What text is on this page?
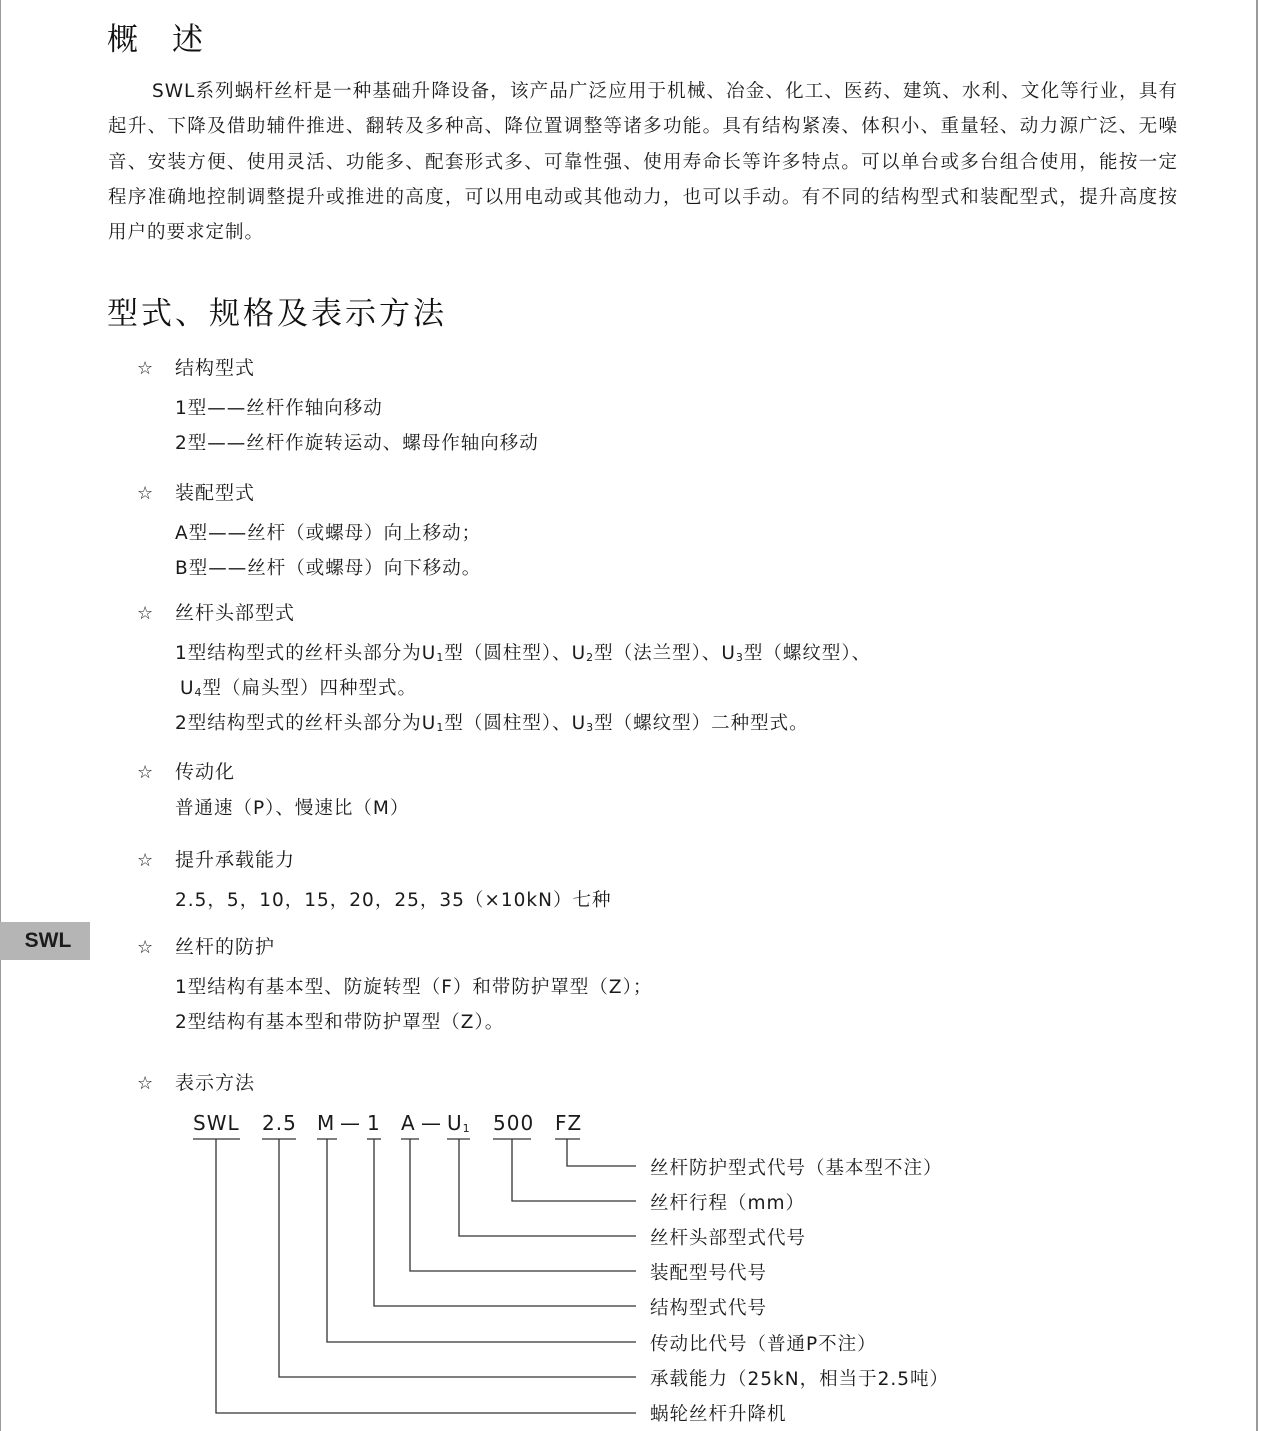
SWL
概 述

SWL系列蜗杆丝杆是一种基础升降设备，该产品广泛应用于机械、冶金、化工、医药、建筑、水利、文化等行业，具有起升、下降及借助辅件推进、翻转及多种高、降位置调整等诸多功能。具有结构紧凑、体积小、重量轻、动力源广泛、无噪音、安装方便、使用灵活、功能多、配套形式多、可靠性强、使用寿命长等许多特点。可以单台或多台组合使用，能按一定程序准确地控制调整提升或推进的高度，可以用电动或其他动力，也可以手动。有不同的结构型式和装配型式，提升高度按用户的要求定制。

型式、规格及表示方法
☆ 结构型式
1型——丝杆作轴向移动
2型——丝杆作旋转运动、螺母作轴向移动
☆ 装配型式
A型——丝杆（或螺母）向上移动；
B型——丝杆（或螺母）向下移动。
☆ 丝杆头部型式
1型结构型式的丝杆头部分为$U_1$型（圆柱型）、$U_2$型（法兰型）、$U_3$型（螺纹型）、
$U_4$型（扁头型）四种型式。
2型结构型式的丝杆头部分为$U_1$型（圆柱型）、$U_3$型（螺纹型）二种型式。
☆ 传动化
普通速（P）、慢速比（M）
☆ 提升承载能力
2.5，5，10，15，20，25，35（×10kN）七种
☆ 丝杆的防护
1型结构有基本型、防旋转型（F）和带防护罩型（Z）；
2型结构有基本型和带防护罩型（Z）。
☆ 表示方法
SWL 2.5 M — 1 A — $U_1$ 500 FZ
丝杆防护型式代号（基本型不注）
丝杆行程（mm）
丝杆头部型式代号
装配型号代号
结构型式代号
传动比代号（普通P不注）
承载能力（25kN，相当于2.5吨）
蜗轮丝杆升降机
